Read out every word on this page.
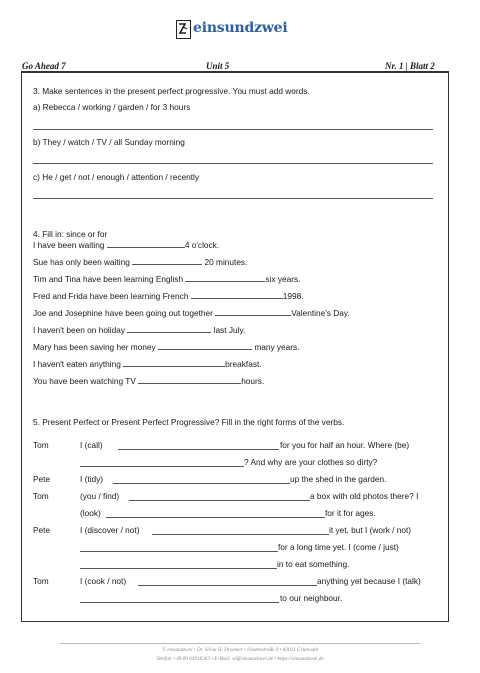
einsundzwei
Go Ahead 7	Unit 5	Nr. 1 | Blatt 2
3. Make sentences in the present perfect progressive. You must add words.
a) Rebecca / working / garden / for 3 hours
b) They / watch / TV / all Sunday morning
c) He / get / not / enough / attention / recently
4. Fill in: since or for
I have been waiting	4 o'clock.
Sue has only been waiting	20 minutes.
Tim and Tina have been learning English	six years.
Fred and Frida have been learning French	1998.
Joe and Josephine have been going out together	Valentine's Day.
I haven't been on holiday	last July.
Mary has been saving her money	many years.
I haven't eaten anything	breakfast.
You have been watching TV	hours.
5. Present Perfect or Present Perfect Progressive? Fill in the right forms of the verbs.
Tom	I (call)	for you for half an hour. Where (be)
? And why are your clothes so dirty?
Pete	I (tidy)	up the shed in the garden.
Tom	(you / find)	a box with old photos there? I
(look)	for it for ages.
Pete	I (discover / not)	it yet, but I (work / not)
for a long time yet. I (come / just)
in to eat something.
Tom	I (cook / not)	anything yet because I (talk)
to our neighbour.
© einsundzwei • Dr. Silvia H. Droemer • Lindenstraße 9 • 82031 Grünwald
Telefon +49 89 64918263 • E-Mail: sd@einsundzwei.de • https://einsundzwei.de
